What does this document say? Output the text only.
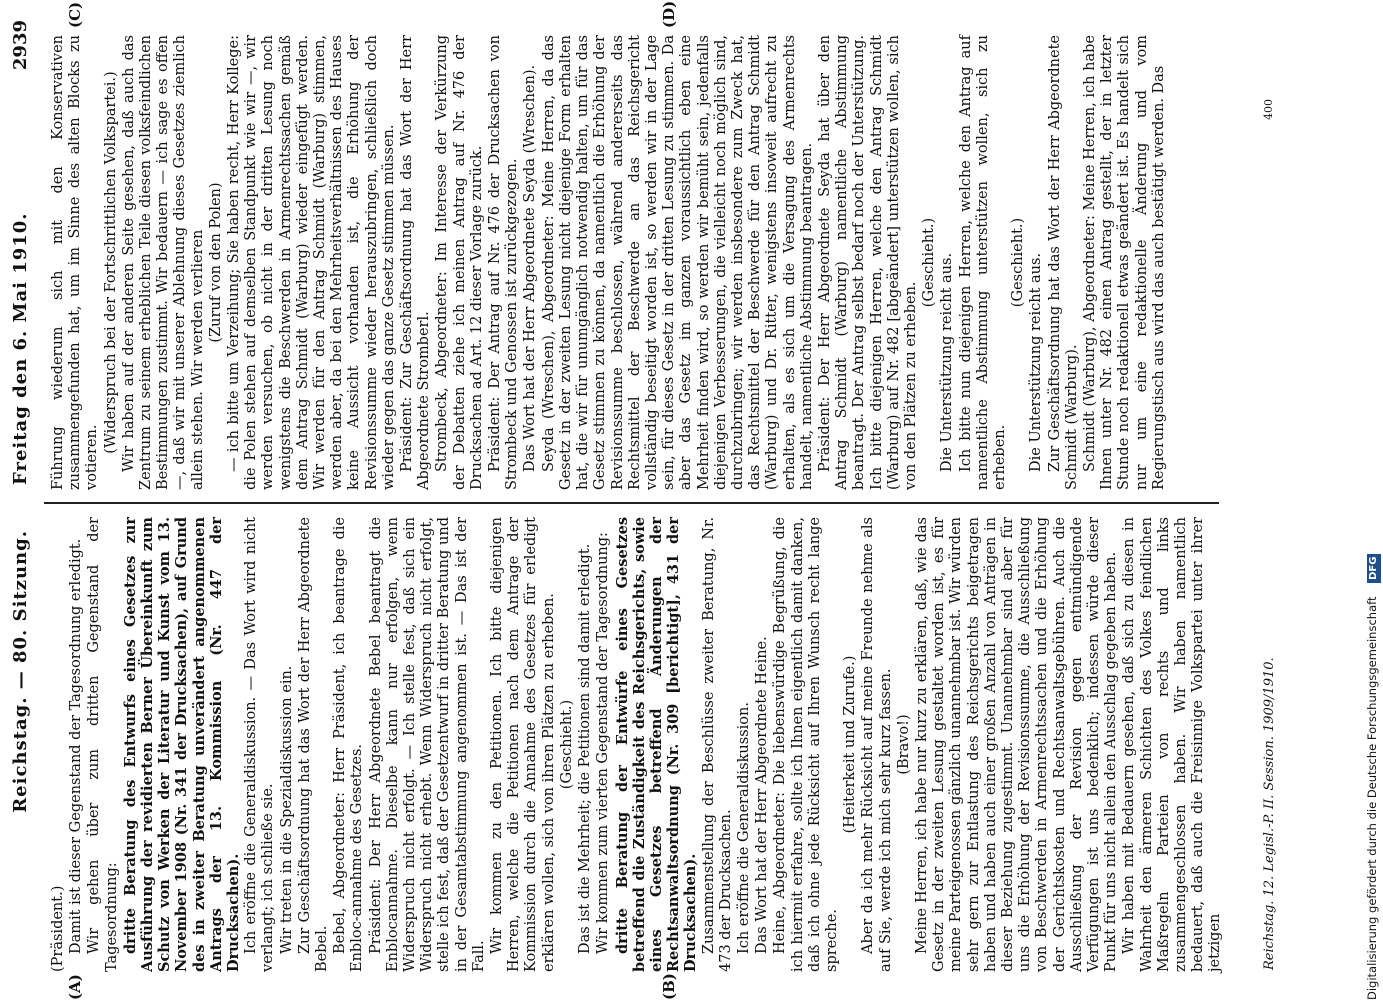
Reichstag. — 80. Sitzung.
Freitag den 6. Mai 1910.
2939
(A)	(B)
(C)	(D)

(Präsident.) Damit ist dieser Gegenstand der Tagesordnung erledigt. Wir gehen über zum dritten Gegenstand der Tagesordnung: dritte Beratung des Entwurfs eines Gesetzes zur Ausführung der revidierten Berner Übereinkunft zum Schutz von Werken der Literatur und Kunst vom 13. November 1908 (Nr. 341 der Drucksachen), auf Grund des in zweiter Beratung unverändert angenommenen Antrags der 13. Kommission (Nr. 447 der Drucksachen). Ich eröffne die Generaldiskussion. — Das Wort wird nicht verlangt; ich schließe sie. Wir treten in die Spezialdiskussion ein. Zur Geschäftsordnung hat das Wort der Herr Abgeordnete Bebel. Bebel, Abgeordneter: Herr Präsident, ich beantrage die Enbloc-annahme des Gesetzes. Präsident: Der Herr Abgeordnete Bebel beantragt die Enblocannahme. Dieselbe kann nur erfolgen, wenn Widerspruch nicht erfolgt. — Ich stelle fest, daß sich ein Widerspruch nicht erhebt. Wenn Widerspruch nicht erfolgt, stelle ich fest, daß der Gesetzentwurf in dritter Beratung und in der Gesamtabstimmung angenommen ist. — Das ist der Fall.

Wir kommen zu den Petitionen. Ich bitte diejenigen Herren, welche die Petitionen nach dem Antrage der Kommission durch die Annahme des Gesetzes für erledigt erklären wollen, sich von ihren Plätzen zu erheben. (Geschieht.) Das ist die Mehrheit; die Petitionen sind damit erledigt. Wir kommen zum vierten Gegenstand der Tagesordnung: dritte Beratung der Entwürfe eines Gesetzes betreffend die Zuständigkeit des Reichsgerichts, sowie eines Gesetzes betreffend Änderungen der Rechtsanwaltsordnung (Nr. 309 [berichtigt], 431 der Drucksachen). Zusammenstellung der Beschlüsse zweiter Beratung, Nr. 473 der Drucksachen. Ich eröffne die Generaldiskussion. Das Wort hat der Herr Abgeordnete Heine. Heine, Abgeordneter: Die liebenswürdige Begrüßung, die ich hiermit erfahre, sollte ich Ihnen eigentlich damit danken, daß ich ohne jede Rücksicht auf Ihren Wunsch recht lange spreche.

(Heiterkeit und Zurufe.) Aber da ich mehr Rücksicht auf meine Freunde nehme als auf Sie, werde ich mich sehr kurz fassen. (Bravo!) Meine Herren, ich habe nur kurz zu erklären, daß, wie das Gesetz in der zweiten Lesung gestaltet worden ist, es für meine Parteigenossen gänzlich unannehmbar ist. Wir würden sehr gern zur Entlastung des Reichsgerichts beigetragen haben und haben auch einer großen Anzahl von Anträgen in dieser Beziehung zugestimmt. Unannehmbar sind aber für uns die Erhöhung der Revisionssumme, die Ausschließung von Beschwerden in Armenrechtssachen und die Erhöhung der Gerichtskosten und Rechtsanwaltsgebühren. Auch die Ausschließung der Revision gegen entmündigende Verfügungen ist uns bedenklich; indessen würde dieser Punkt für uns nicht allein den Ausschlag gegeben haben. Wir haben mit Bedauern gesehen, daß sich zu diesen in Wahrheit den ärmeren Schichten des Volkes feindlichen Maßregeln Parteien von rechts und links zusammengeschlossen haben. Wir haben namentlich bedauert, daß auch die Freisinnige Volkspartei unter ihrer jetzigen

Führung wiederum sich mit den Konservativen zusammengefunden hat, um im Sinne des alten Blocks zu votieren.

(Widerspruch bei der Fortschrittlichen Volkspartei.) Wir haben auf der anderen Seite gesehen, daß auch das Zentrum zu seinem erheblichen Teile diesen volksfeindlichen Bestimmungen zustimmt. Wir bedauern — ich sage es offen —, daß wir mit unserer Ablehnung dieses Gesetzes ziemlich allein stehen. Wir werden verlieren (Zuruf von den Polen) — ich bitte um Verzeihung; Sie haben recht, Herr Kollege: die Polen stehen auf demselben Standpunkt wie wir —, wir werden versuchen, ob nicht in der dritten Lesung noch wenigstens die Beschwerden in Armenrechtssachen gemäß dem Antrag Schmidt (Warburg) wieder eingefügt werden. Wir werden für den Antrag Schmidt (Warburg) stimmen, werden aber, da bei den Mehrheitsverhältnissen des Hauses keine Aussicht vorhanden ist, die Erhöhung der Revisionssumme wieder herauszubringen, schließlich doch wieder gegen das ganze Gesetz stimmen müssen. Präsident: Zur Geschäftsordnung hat das Wort der Herr Abgeordnete Stromberl. Strombeck, Abgeordneter: Im Interesse der Verkürzung der Debatten ziehe ich meinen Antrag auf Nr. 476 der Drucksachen ad Art. 12 dieser Vorlage zurück. Präsident: Der Antrag auf Nr. 476 der Drucksachen von Strombeck und Genossen ist zurückgezogen. Das Wort hat der Herr Abgeordnete Seyda (Wreschen). Seyda (Wreschen), Abgeordneter: Meine Herren, da das Gesetz in der zweiten Lesung nicht diejenige Form erhalten hat, die wir für unumgänglich notwendig halten, um für das Gesetz stimmen zu können, da namentlich die Erhöhung der Revisionssumme beschlossen, während andererseits das Rechtsmittel der Beschwerde an das Reichsgericht vollständig beseitigt worden ist, so werden wir in der Lage sein, für dieses Gesetz in der dritten Lesung zu stimmen. Da aber das Gesetz im ganzen voraussichtlich eben eine Mehrheit finden wird, so werden wir bemüht sein, jedenfalls diejenigen Verbesserungen, die vielleicht noch möglich sind, durchzubringen; wir werden insbesondere zum Zweck hat, das Rechtsmittel der Beschwerde für den Antrag Schmidt (Warburg) und Dr. Ritter, wenigstens insoweit aufrecht zu erhalten, als es sich um die Versagung des Armenrechts handelt, namentliche Abstimmung beantragen. Präsident: Der Herr Abgeordnete Seyda hat über den Antrag Schmidt (Warburg) namentliche Abstimmung beantragt. Der Antrag selbst bedarf noch der Unterstützung. Ich bitte diejenigen Herren, welche den Antrag Schmidt (Warburg) auf Nr. 482 [abgeändert] unterstützen wollen, sich von den Plätzen zu erheben.

(Geschieht.) Die Unterstützung reicht aus. Ich bitte nun diejenigen Herren, welche den Antrag auf namentliche Abstimmung unterstützen wollen, sich zu erheben.

(Geschieht.) Die Unterstützung reicht aus. Zur Geschäftsordnung hat das Wort der Herr Abgeordnete Schmidt (Warburg). Schmidt (Warburg), Abgeordneter: Meine Herren, ich habe Ihnen unter Nr. 482 einen Antrag gestellt, der in letzter Stunde noch redaktionell etwas geändert ist. Es handelt sich nur um eine redaktionelle Änderung und vom Regierungstisch aus wird das auch bestätigt werden. Das

Reichstag. 12. Legisl.-P. II. Session. 1909/1910.
400
Digitalisierung gefördert durch die Deutsche Forschungsgemeinschaft DFG
